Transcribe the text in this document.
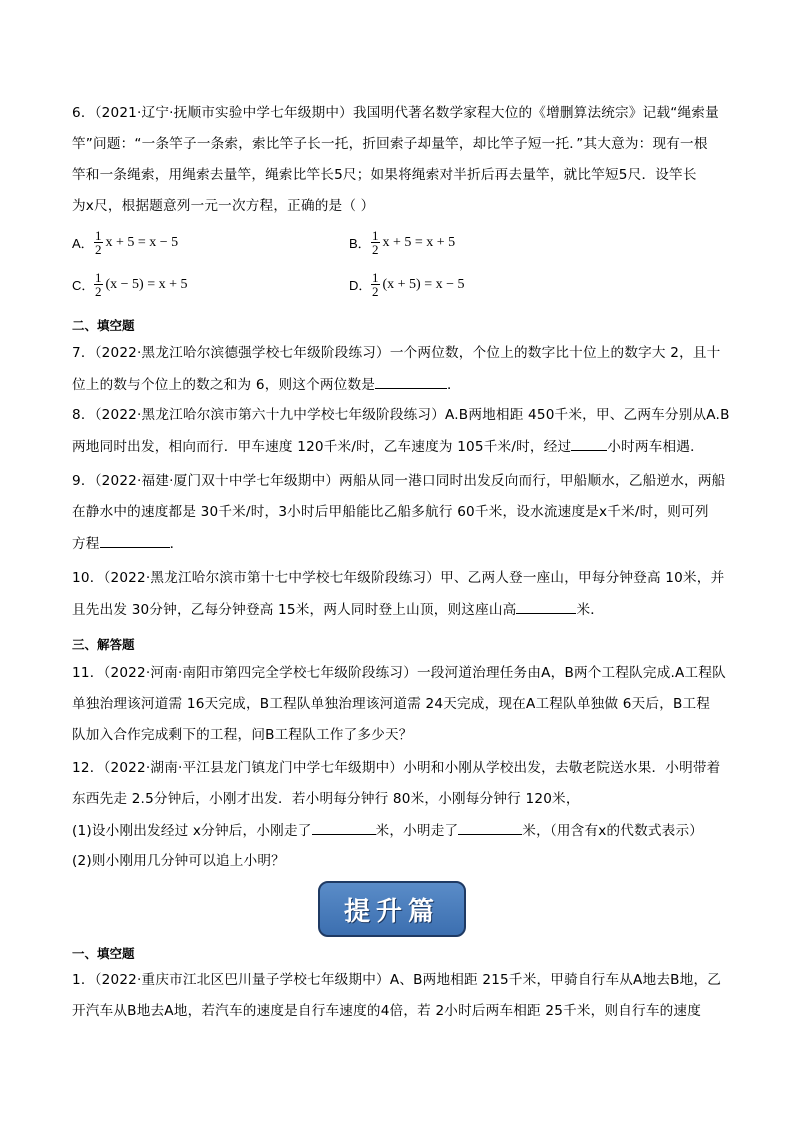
6．（2021·辽宁·抚顺市实验中学七年级期中）我国明代著名数学家程大位的《增删算法统宗》记载“绳索量
竿”问题：“一条竿子一条索，索比竿子长一托，折回索子却量竿，却比竿子短一托．”其大意为：现有一根
竿和一条绳索，用绳索去量竿，绳索比竿长5尺；如果将绳索对半折后再去量竿，就比竿短5尺．设竿长
为x尺，根据题意列一元一次方程，正确的是（ ）
A． $\frac{1}{2}$ x + 5 = x − 5	B． $\frac{1}{2}$ x + 5 = x + 5
C． $\frac{1}{2} (x - 5) = x + 5$	D． $\frac{1}{2} (x + 5) = x - 5$
二、填空题
7．（2022·黑龙江哈尔滨德强学校七年级阶段练习）一个两位数，个位上的数字比十位上的数字大 2，且十
位上的数与个位上的数之和为 6，则这个两位数是	．
8．（2022·黑龙江哈尔滨市第六十九中学校七年级阶段练习）A.B两地相距 450千米，甲、乙两车分别从A.B
两地同时出发，相向而行．甲车速度 120千米/时，乙车速度为 105千米/时，经过	小时两车相遇．
9．（2022·福建·厦门双十中学七年级期中）两船从同一港口同时出发反向而行，甲船顺水，乙船逆水，两船
在静水中的速度都是 30千米/时，3小时后甲船能比乙船多航行 60千米，设水流速度是x千米/时，则可列
方程	．
10．（2022·黑龙江哈尔滨市第十七中学校七年级阶段练习）甲、乙两人登一座山，甲每分钟登高 10米，并
且先出发 30分钟，乙每分钟登高 15米，两人同时登上山顶，则这座山高	米．
三、解答题
11．（2022·河南·南阳市第四完全学校七年级阶段练习）一段河道治理任务由A，B两个工程队完成.A工程队
单独治理该河道需 16天完成，B工程队单独治理该河道需 24天完成，现在A工程队单独做 6天后，B工程
队加入合作完成剩下的工程，问B工程队工作了多少天？
12．（2022·湖南·平江县龙门镇龙门中学七年级期中）小明和小刚从学校出发，去敬老院送水果．小明带着
东西先走 2.5分钟后，小刚才出发．若小明每分钟行 80米，小刚每分钟行 120米，
(1)设小刚出发经过 x分钟后，小刚走了	米，小明走了	米，（用含有x的代数式表示）
(2)则小刚用几分钟可以追上小明？
提升篇
一、填空题
1．（2022·重庆市江北区巴川量子学校七年级期中）A、B两地相距 215千米，甲骑自行车从A地去B地，乙
开汽车从B地去A地，若汽车的速度是自行车速度的4倍，若 2小时后两车相距 25千米，则自行车的速度
